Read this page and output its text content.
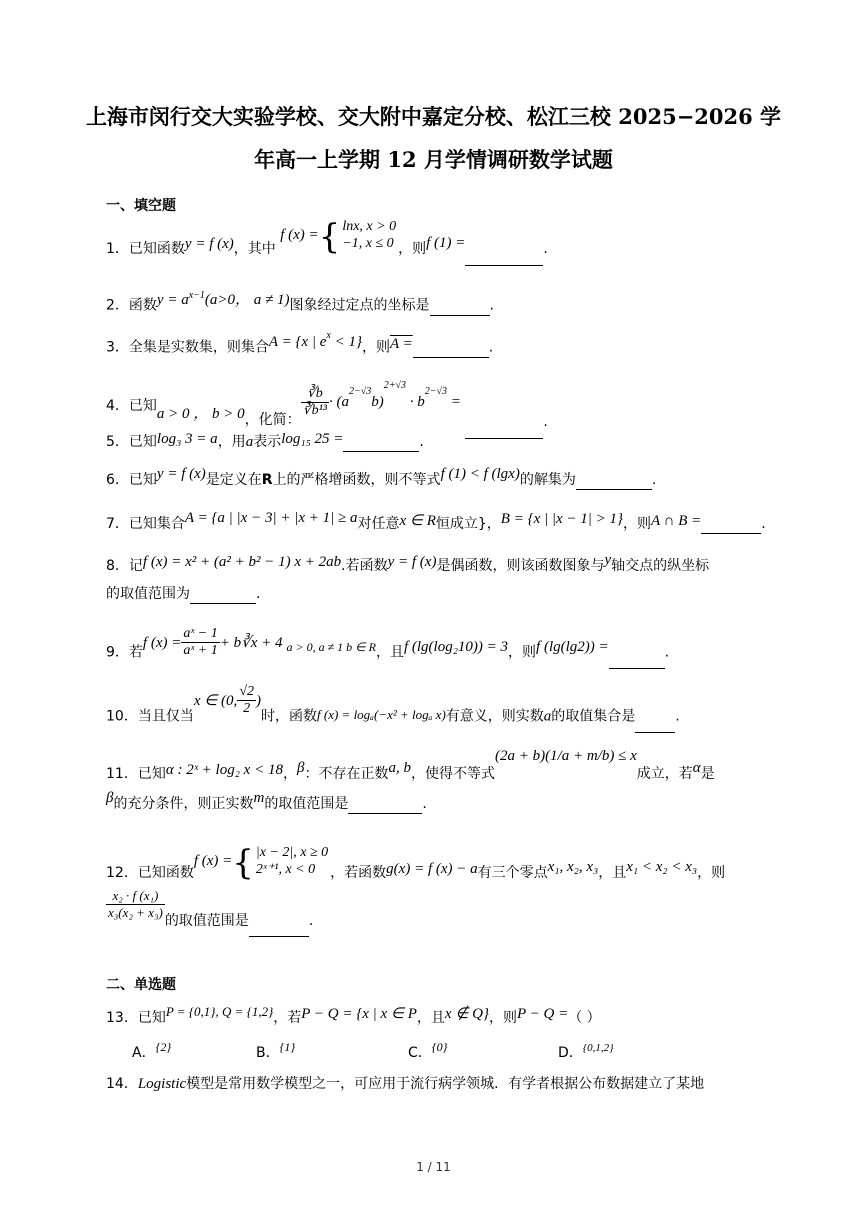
上海市闵行交大实验学校、交大附中嘉定分校、松江三校 2025−2026 学
年高一上学期 12 月学情调研数学试题
一、填空题
1．已知函数y = f (x)，其中 f (x) ={ lnx, x > 0
−1, x ≤ 0 ，则f (1) =	.
2．函数$y = a^{x-1}(a>0$， a ≠ 1)图象经过定点的坐标是	.
3．全集是实数集，则集合A = {x | $e^x < 1$}，则A =	.
4．已知a > 0 ， b > 0，化简：
$\frac{∛b}{\text{∛b¹³}} \cdot (a^{2-√3}b)^{2+√3} \cdot b^{2-√3}$ = .
5．已知log₃ 3 = a，用a表示log₁₅ 25 =	.
6．已知y = f (x)是定义在R上的严格增函数，则不等式f (1) < f (lgx)的解集为	.
7．已知集合A = {a | |x − 3| + |x + 1| ≥ a对任意x ∈ R恒成立}，B = {x | |x − 1| > 1}，则A ∩ B =	.
8．记f (x) = x² + (a² + b² − 1) x + 2ab.若函数y = f (x)是偶函数，则该函数图象与y轴交点的纵坐标
的取值范围为	.
9．若f $(x) = \frac{\text{aˣ − 1}}{\text{aˣ + 1}}$ + b∛x + 4 a > 0, a ≠ 1 b ∈ R，且f (lg(log₂10)) = 3，则f (lg(lg2)) =	.
10．当且仅当x ∈ (0, $\frac{√2}{2}$ )时，函数f (x) = logₐ(−x² + logₐ x)有意义，则实数a的取值集合是	.
11．已知α : 2ˣ + log₂ x < 18，β：不存在正数a, b，使得不等式(2a + b)(1/a + m/b) ≤ x成立，若α是
β的充分条件，则正实数m的取值范围是	.
12．已知函数f (x) ={ |x − 2|, x ≥ 0
2ˣ⁺¹, x < 0	，若函数g(x) = f (x) − a有三个零点x₁, x₂, x₃，且x₁ < x₂ < x₃，则
$\frac{\text{x₂ · f (x₁)}}{\text{x₃(x₂ + x₃)}}$ 的取值范围是	.
二、单选题
13．已知P = {0,1}, Q = {1,2}，若P − Q = {x | x ∈ P，且x ∉ Q}，则P − Q =（ ）
A．{2}	B．{1}	C．{0}	D．$^{\{0,1,2\}}$
14．Logistic模型是常用数学模型之一，可应用于流行病学领城．有学者根据公布数据建立了某地
1 / 11
